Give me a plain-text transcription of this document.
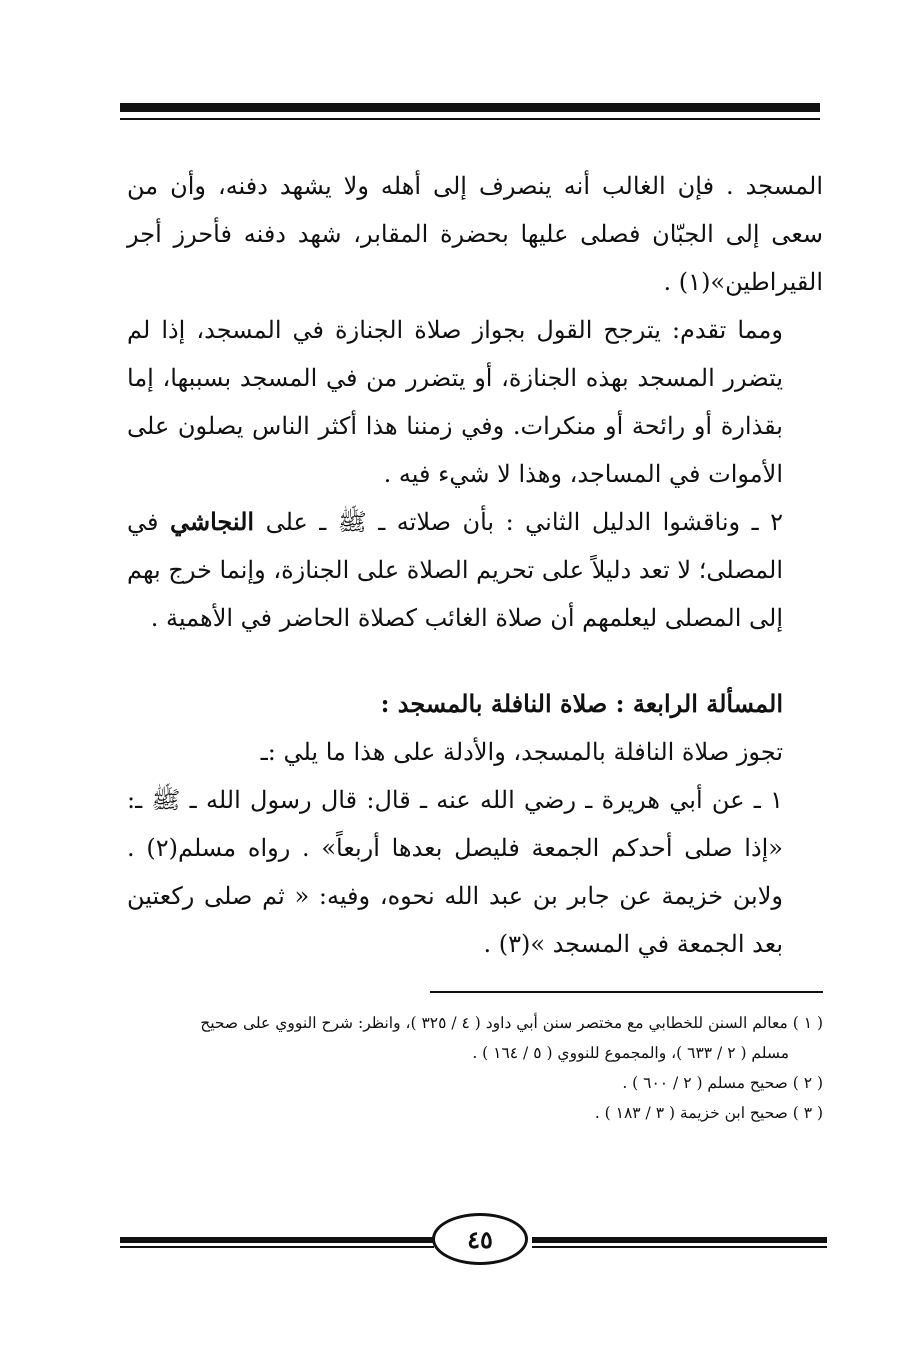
المسجد . فإن الغالب أنه ينصرف إلى أهله ولا يشهد دفنه، وأن من سعى إلى الجبّان فصلى عليها بحضرة المقابر، شهد دفنه فأحرز أجر القيراطين»(١) .

ومما تقدم: يترجح القول بجواز صلاة الجنازة في المسجد، إذا لم يتضرر المسجد بهذه الجنازة، أو يتضرر من في المسجد بسببها، إما بقذارة أو رائحة أو منكرات. وفي زمننا هذا أكثر الناس يصلون على الأموات في المساجد، وهذا لا شيء فيه .

٢ ـ وناقشوا الدليل الثاني : بأن صلاته ـ ﷺ ـ على النجاشي في المصلى؛ لا تعد دليلاً على تحريم الصلاة على الجنازة، وإنما خرج بهم إلى المصلى ليعلمهم أن صلاة الغائب كصلاة الحاضر في الأهمية .

المسألة الرابعة : صلاة النافلة بالمسجد :

تجوز صلاة النافلة بالمسجد، والأدلة على هذا ما يلي :ـ

١ ـ عن أبي هريرة ـ رضي الله عنه ـ قال: قال رسول الله ـ ﷺ ـ: «إذا صلى أحدكم الجمعة فليصل بعدها أربعاً» . رواه مسلم(٢) . ولابن خزيمة عن جابر بن عبد الله نحوه، وفيه: « ثم صلى ركعتين بعد الجمعة في المسجد »(٣) .

( ١ ) معالم السنن للخطابي مع مختصر سنن أبي داود ( ٤ / ٣٢٥ )، وانظر: شرح النووي على صحيح

مسلم ( ٢ / ٦٣٣ )، والمجموع للنووي ( ٥ / ١٦٤ ) .

( ٢ ) صحيح مسلم ( ٢ / ٦٠٠ ) .

( ٣ ) صحيح ابن خزيمة ( ٣ / ١٨٣ ) .

٤٥
